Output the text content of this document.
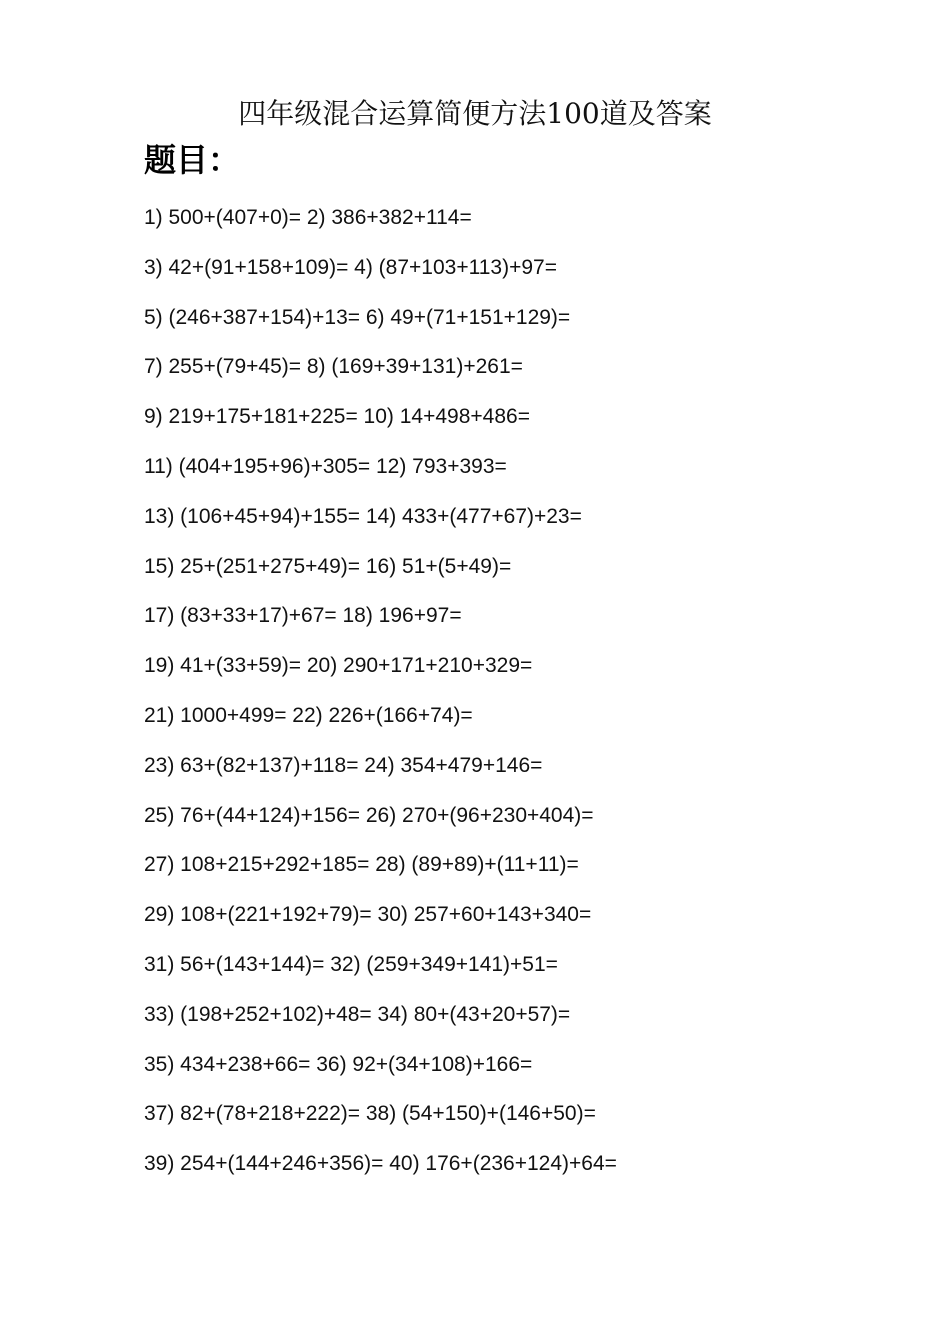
四年级混合运算简便方法100道及答案
题目：
1) 500+(407+0)= 2) 386+382+114=
3) 42+(91+158+109)= 4) (87+103+113)+97=
5) (246+387+154)+13= 6) 49+(71+151+129)=
7) 255+(79+45)= 8) (169+39+131)+261=
9) 219+175+181+225= 10) 14+498+486=
11) (404+195+96)+305= 12) 793+393=
13) (106+45+94)+155= 14) 433+(477+67)+23=
15) 25+(251+275+49)= 16) 51+(5+49)=
17) (83+33+17)+67= 18) 196+97=
19) 41+(33+59)= 20) 290+171+210+329=
21) 1000+499= 22) 226+(166+74)=
23) 63+(82+137)+118= 24) 354+479+146=
25) 76+(44+124)+156= 26) 270+(96+230+404)=
27) 108+215+292+185= 28) (89+89)+(11+11)=
29) 108+(221+192+79)= 30) 257+60+143+340=
31) 56+(143+144)= 32) (259+349+141)+51=
33) (198+252+102)+48= 34) 80+(43+20+57)=
35) 434+238+66= 36) 92+(34+108)+166=
37) 82+(78+218+222)= 38) (54+150)+(146+50)=
39) 254+(144+246+356)= 40) 176+(236+124)+64=
